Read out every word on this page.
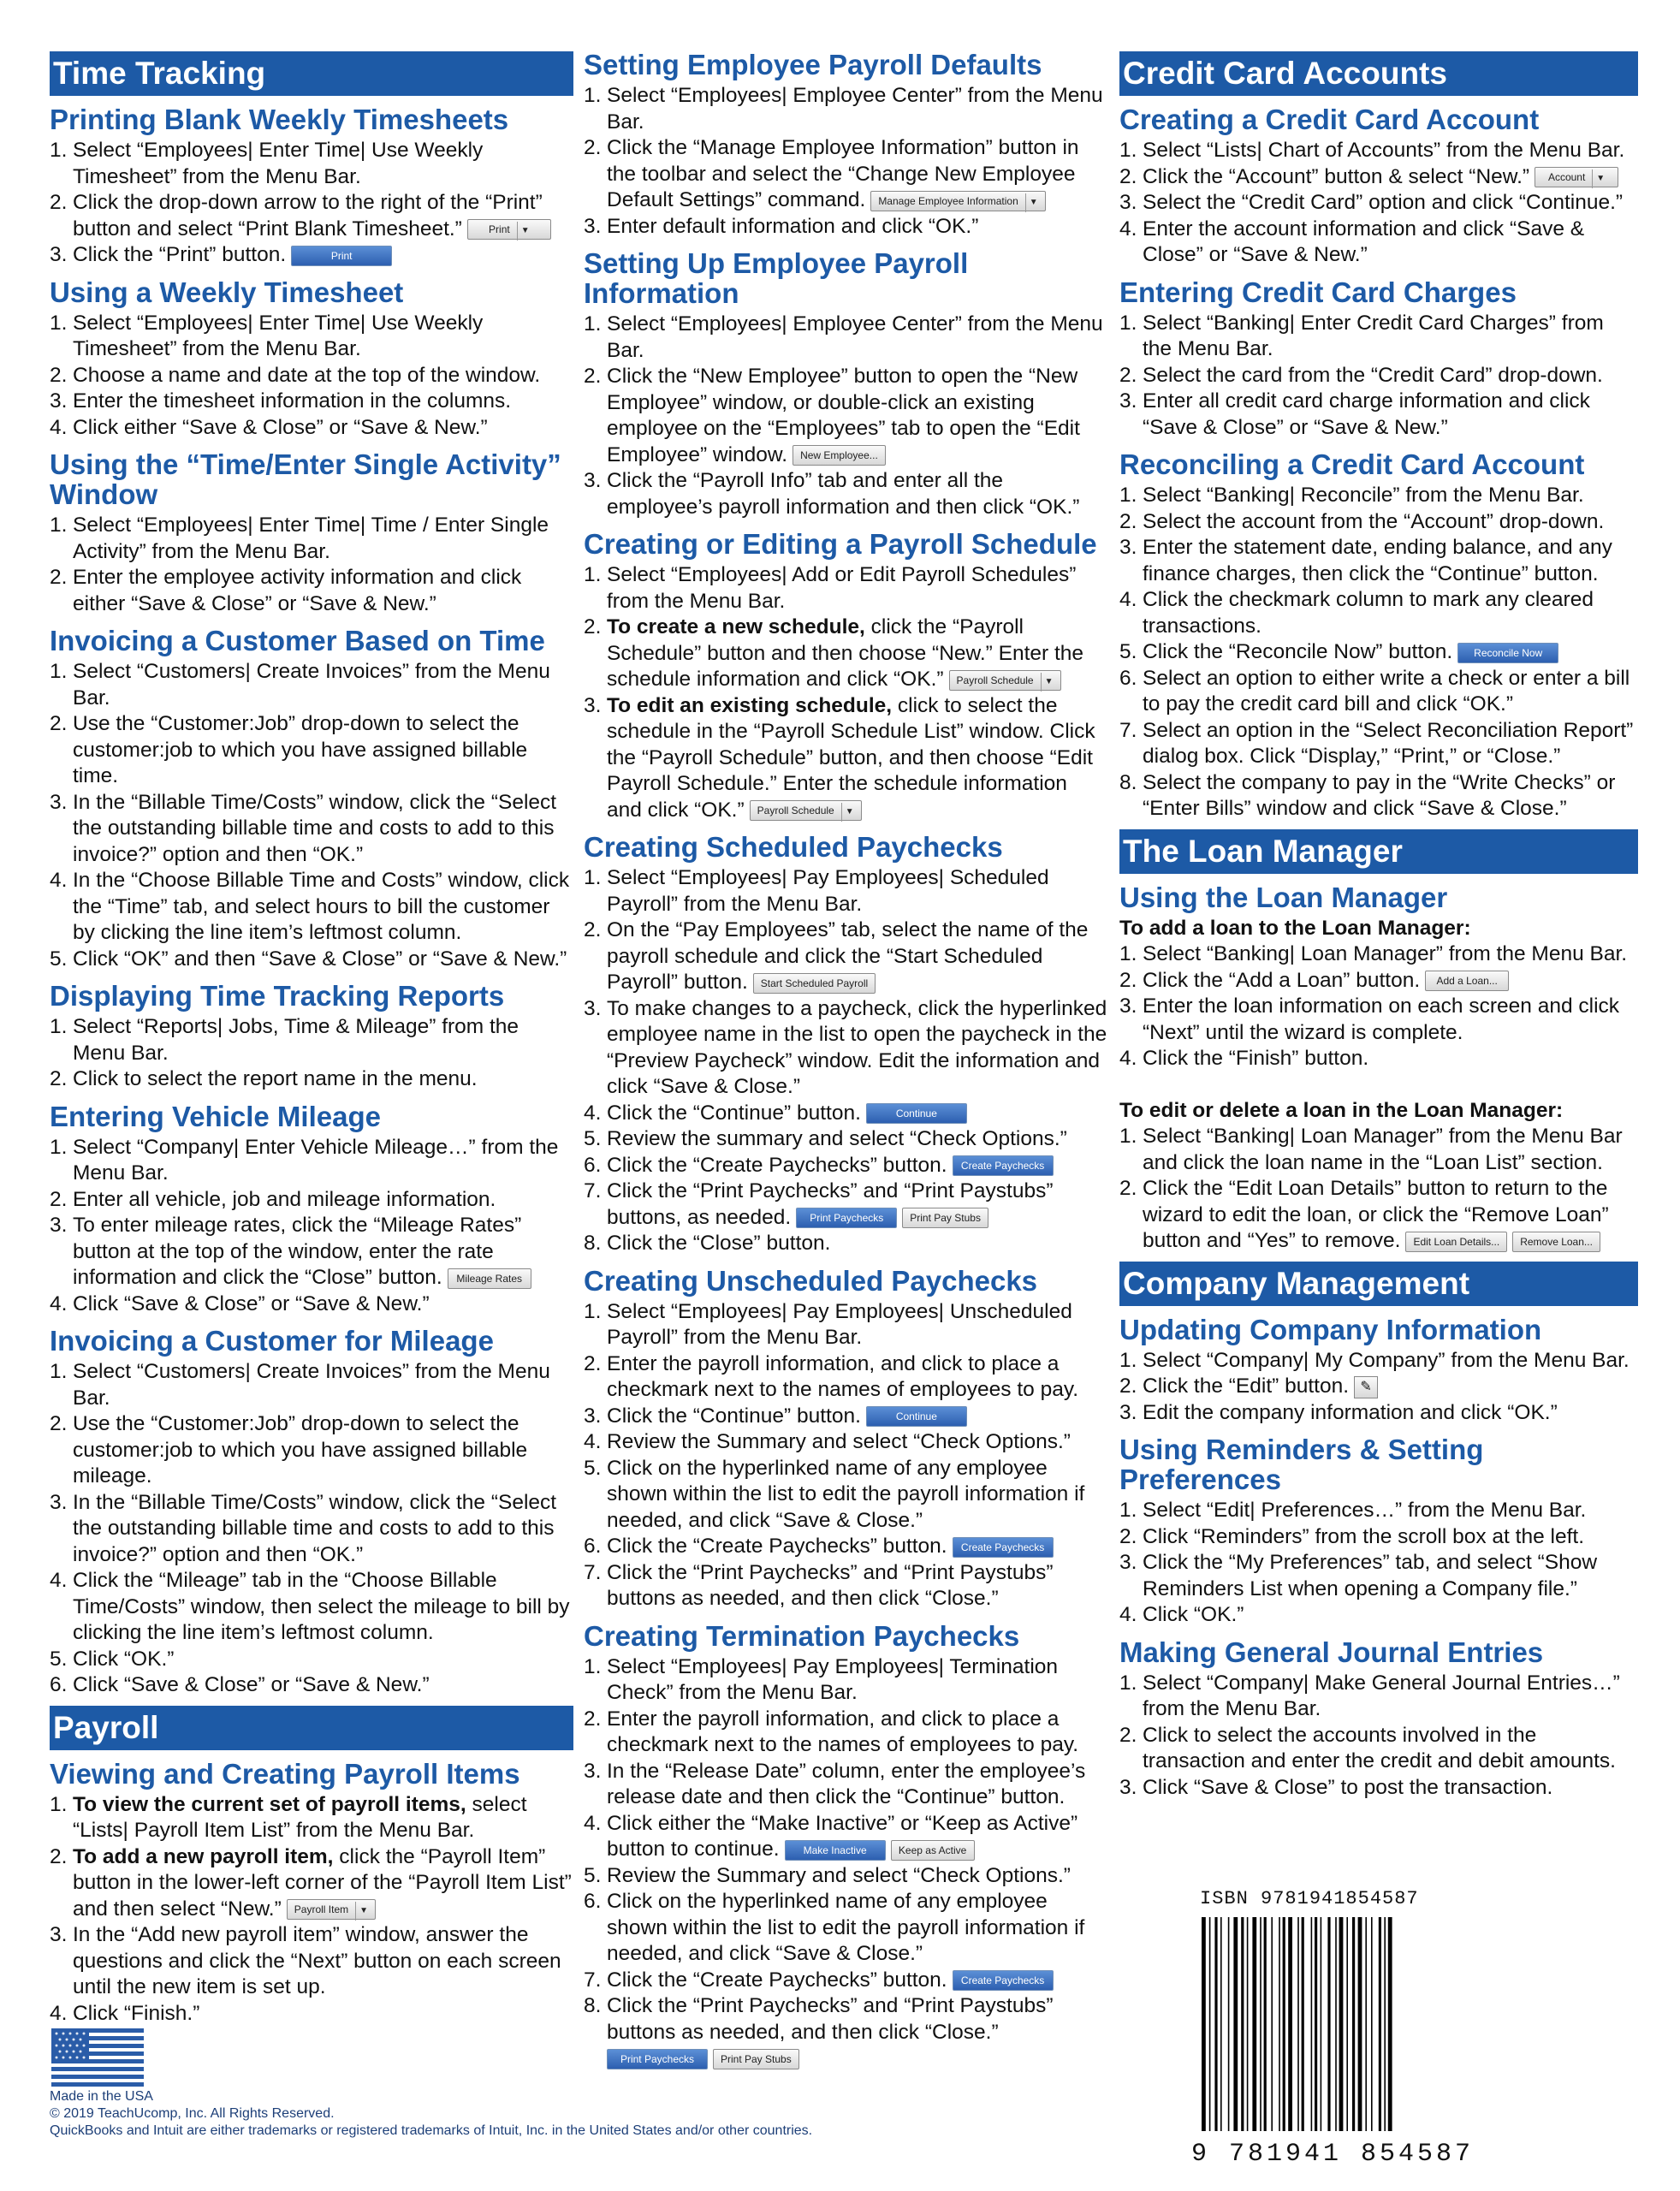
Time Tracking
Printing Blank Weekly Timesheets
1. Select “Employees| Enter Time| Use Weekly Timesheet” from the Menu Bar.
2. Click the drop-down arrow to the right of the “Print” button and select “Print Blank Timesheet.”	Print ▼
3. Click the “Print” button.	Print
Using a Weekly Timesheet
1. Select “Employees| Enter Time| Use Weekly Timesheet” from the Menu Bar.
2. Choose a name and date at the top of the window.
3. Enter the timesheet information in the columns.
4. Click either “Save & Close” or “Save & New.”
Using the “Time/Enter Single Activity” Window
1. Select “Employees| Enter Time| Time / Enter Single Activity” from the Menu Bar.
2. Enter the employee activity information and click either “Save & Close” or “Save & New.”
Invoicing a Customer Based on Time
1. Select “Customers| Create Invoices” from the Menu Bar.
2. Use the “Customer:Job” drop-down to select the customer:job to which you have assigned billable time.
3. In the “Billable Time/Costs” window, click the “Select the outstanding billable time and costs to add to this invoice?” option and then “OK.”
4. In the “Choose Billable Time and Costs” window, click the “Time” tab, and select hours to bill the customer by clicking the line item’s leftmost column.
5. Click “OK” and then “Save & Close” or “Save & New.”
Displaying Time Tracking Reports
1. Select “Reports| Jobs, Time & Mileage” from the Menu Bar.
2. Click to select the report name in the menu.
Entering Vehicle Mileage
1. Select “Company| Enter Vehicle Mileage…” from the Menu Bar.
2. Enter all vehicle, job and mileage information.
3. To enter mileage rates, click the “Mileage Rates” button at the top of the window, enter the rate information and click the “Close” button. Mileage Rates
4. Click “Save & Close” or “Save & New.”
Invoicing a Customer for Mileage
1. Select “Customers| Create Invoices” from the Menu Bar.
2. Use the “Customer:Job” drop-down to select the customer:job to which you have assigned billable mileage.
3. In the “Billable Time/Costs” window, click the “Select the outstanding billable time and costs to add to this invoice?” option and then “OK.”
4. Click the “Mileage” tab in the “Choose Billable Time/Costs” window, then select the mileage to bill by clicking the line item’s leftmost column.
5. Click “OK.”
6. Click “Save & Close” or “Save & New.”
Payroll
Viewing and Creating Payroll Items
1. To view the current set of payroll items, select “Lists| Payroll Item List” from the Menu Bar.
2. To add a new payroll item, click the “Payroll Item” button in the lower-left corner of the “Payroll Item List” and then select “New.” Payroll Item ▼
3. In the “Add new payroll item” window, answer the questions and click the “Next” button on each screen until the new item is set up.
4. Click “Finish.”
Setting Employee Payroll Defaults
1. Select “Employees| Employee Center” from the Menu Bar.
2. Click the “Manage Employee Information” button in the toolbar and select the “Change New Employee Default Settings” command. Manage Employee Information ▼
3. Enter default information and click “OK.”
Setting Up Employee Payroll Information
1. Select “Employees| Employee Center” from the Menu Bar.
2. Click the “New Employee” button to open the “New Employee” window, or double-click an existing employee on the “Employees” tab to open the “Edit Employee” window. New Employee...
3. Click the “Payroll Info” tab and enter all the employee’s payroll information and then click “OK.”
Creating or Editing a Payroll Schedule
1. Select “Employees| Add or Edit Payroll Schedules” from the Menu Bar.
2. To create a new schedule, click the “Payroll Schedule” button and then choose “New.” Enter the schedule information and click “OK.” Payroll Schedule ▼
3. To edit an existing schedule, click to select the schedule in the “Payroll Schedule List” window. Click the “Payroll Schedule” button, and then choose “Edit Payroll Schedule.” Enter the schedule information and click “OK.” Payroll Schedule ▼
Creating Scheduled Paychecks
1. Select “Employees| Pay Employees| Scheduled Payroll” from the Menu Bar.
2. On the “Pay Employees” tab, select the name of the payroll schedule and click the “Start Scheduled Payroll” button. Start Scheduled Payroll
3. To make changes to a paycheck, click the hyperlinked employee name in the list to open the paycheck in the “Preview Paycheck” window. Edit the information and click “Save & Close.”
4. Click the “Continue” button.	Continue
5. Review the summary and select “Check Options.”
6. Click the “Create Paychecks” button. Create Paychecks
7. Click the “Print Paychecks” and “Print Paystubs” buttons, as needed. Print Paychecks	Print Pay Stubs
8. Click the “Close” button.
Creating Unscheduled Paychecks
1. Select “Employees| Pay Employees| Unscheduled Payroll” from the Menu Bar.
2. Enter the payroll information, and click to place a checkmark next to the names of employees to pay.
3. Click the “Continue” button.	Continue
4. Review the Summary and select “Check Options.”
5. Click on the hyperlinked name of any employee shown within the list to edit the payroll information if needed, and click “Save & Close.”
6. Click the “Create Paychecks” button. Create Paychecks
7. Click the “Print Paychecks” and “Print Paystubs” buttons as needed, and then click “Close.”
Creating Termination Paychecks
1. Select “Employees| Pay Employees| Termination Check” from the Menu Bar.
2. Enter the payroll information, and click to place a checkmark next to the names of employees to pay.
3. In the “Release Date” column, enter the employee’s release date and then click the “Continue” button.
4. Click either the “Make Inactive” or “Keep as Active” button to continue. Make Inactive	Keep as Active
5. Review the Summary and select “Check Options.”
6. Click on the hyperlinked name of any employee shown within the list to edit the payroll information if needed, and click “Save & Close.”
7. Click the “Create Paychecks” button. Create Paychecks
8. Click the “Print Paychecks” and “Print Paystubs” buttons as needed, and then click “Close.”
Print Paychecks	Print Pay Stubs
Credit Card Accounts
Creating a Credit Card Account
1. Select “Lists| Chart of Accounts” from the Menu Bar.
2. Click the “Account” button & select “New.” Account ▼
3. Select the “Credit Card” option and click “Continue.”
4. Enter the account information and click “Save & Close” or “Save & New.”
Entering Credit Card Charges
1. Select “Banking| Enter Credit Card Charges” from the Menu Bar.
2. Select the card from the “Credit Card” drop-down.
3. Enter all credit card charge information and click “Save & Close” or “Save & New.”
Reconciling a Credit Card Account
1. Select “Banking| Reconcile” from the Menu Bar.
2. Select the account from the “Account” drop-down.
3. Enter the statement date, ending balance, and any finance charges, then click the “Continue” button.
4. Click the checkmark column to mark any cleared transactions.
5. Click the “Reconcile Now” button. Reconcile Now
6. Select an option to either write a check or enter a bill to pay the credit card bill and click “OK.”
7. Select an option in the “Select Reconciliation Report” dialog box. Click “Display,” “Print,” or “Close.”
8. Select the company to pay in the “Write Checks” or “Enter Bills” window and click “Save & Close.”
The Loan Manager
Using the Loan Manager
To add a loan to the Loan Manager:
1. Select “Banking| Loan Manager” from the Menu Bar.
2. Click the “Add a Loan” button. Add a Loan...
3. Enter the loan information on each screen and click “Next” until the wizard is complete.
4. Click the “Finish” button.
To edit or delete a loan in the Loan Manager:
1. Select “Banking| Loan Manager” from the Menu Bar and click the loan name in the “Loan List” section.
2. Click the “Edit Loan Details” button to return to the wizard to edit the loan, or click the “Remove Loan” button and “Yes” to remove. Edit Loan Details... Remove Loan...
Company Management
Updating Company Information
1. Select “Company| My Company” from the Menu Bar.
2. Click the “Edit” button. ✎
3. Edit the company information and click “OK.”
Using Reminders & Setting Preferences
1. Select “Edit| Preferences…” from the Menu Bar.
2. Click “Reminders” from the scroll box at the left.
3. Click the “My Preferences” tab, and select “Show Reminders List when opening a Company file.”
4. Click “OK.”
Making General Journal Entries
1. Select “Company| Make General Journal Entries…” from the Menu Bar.
2. Click to select the accounts involved in the transaction and enter the credit and debit amounts.
3. Click “Save & Close” to post the transaction.
Made in the USA
© 2019 TeachUcomp, Inc. All Rights Reserved.
QuickBooks and Intuit are either trademarks or registered trademarks of Intuit, Inc. in the United States and/or other countries.
ISBN 9781941854587
9 781941 854587
